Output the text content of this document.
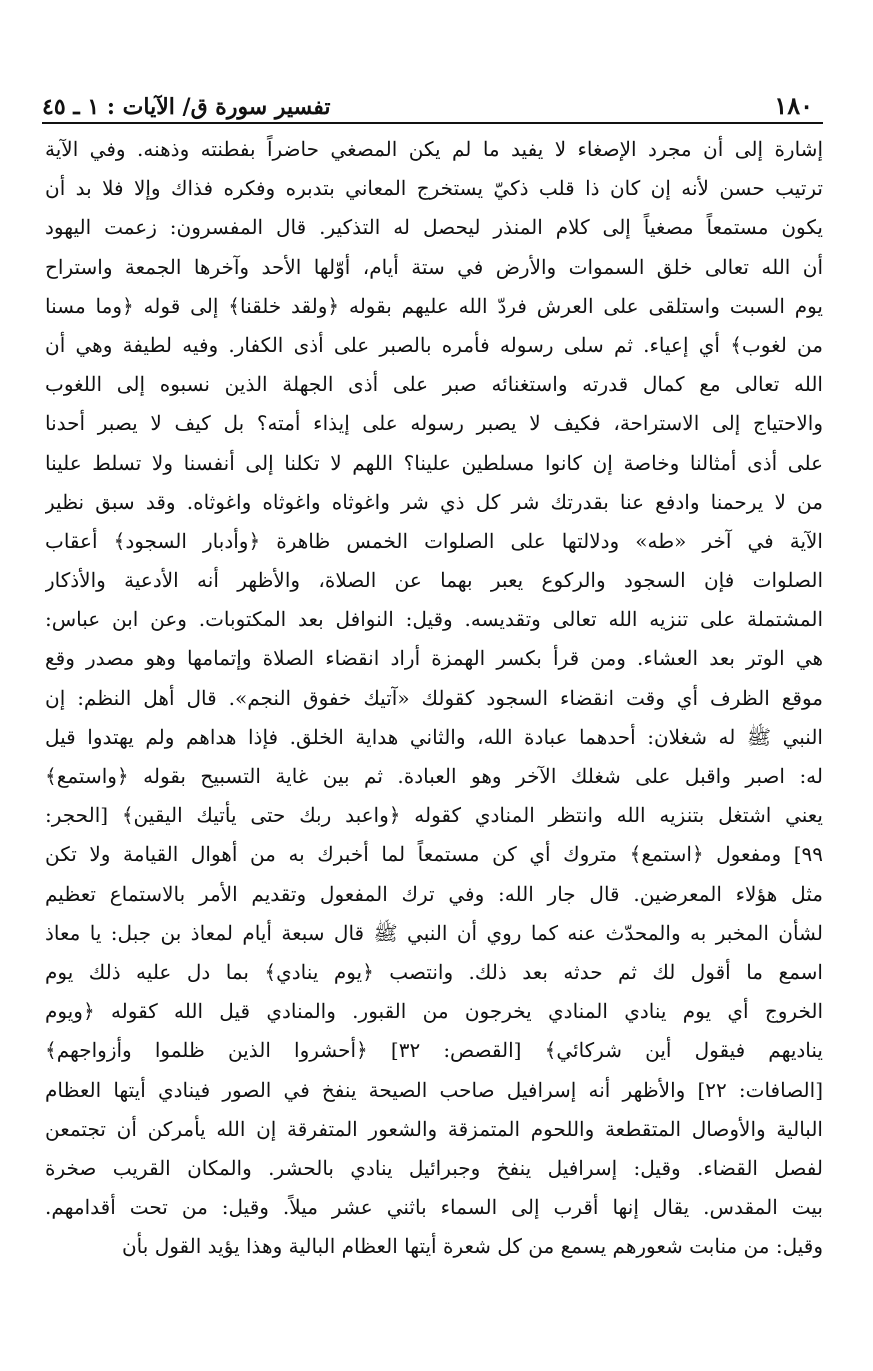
١٨٠
تفسير سورة ق/ الآيات : ١ ـ ٤٥
إشارة إلى أن مجرد الإصغاء لا يفيد ما لم يكن المصغي حاضراً بفطنته وذهنه. وفي الآية
ترتيب حسن لأنه إن كان ذا قلب ذكيّ يستخرج المعاني بتدبره وفكره فذاك وإلا فلا بد أن
يكون مستمعاً مصغياً إلى كلام المنذر ليحصل له التذكير. قال المفسرون: زعمت اليهود
أن الله تعالى خلق السموات والأرض في ستة أيام، أوّلها الأحد وآخرها الجمعة واستراح
يوم السبت واستلقى على العرش فردّ الله عليهم بقوله ﴿ولقد خلقنا﴾ إلى قوله ﴿وما مسنا
من لغوب﴾ أي إعياء. ثم سلى رسوله فأمره بالصبر على أذى الكفار. وفيه لطيفة وهي أن
الله تعالى مع كمال قدرته واستغنائه صبر على أذى الجهلة الذين نسبوه إلى اللغوب
والاحتياج إلى الاستراحة، فكيف لا يصبر رسوله على إيذاء أمته؟ بل كيف لا يصبر أحدنا
على أذى أمثالنا وخاصة إن كانوا مسلطين علينا؟ اللهم لا تكلنا إلى أنفسنا ولا تسلط علينا
من لا يرحمنا وادفع عنا بقدرتك شر كل ذي شر واغوثاه واغوثاه واغوثاه. وقد سبق نظير
الآية في آخر «طه» ودلالتها على الصلوات الخمس ظاهرة ﴿وأدبار السجود﴾ أعقاب
الصلوات فإن السجود والركوع يعبر بهما عن الصلاة، والأظهر أنه الأدعية والأذكار
المشتملة على تنزيه الله تعالى وتقديسه. وقيل: النوافل بعد المكتوبات. وعن ابن عباس:
هي الوتر بعد العشاء. ومن قرأ بكسر الهمزة أراد انقضاء الصلاة وإتمامها وهو مصدر وقع
موقع الظرف أي وقت انقضاء السجود كقولك «آتيك خفوق النجم». قال أهل النظم: إن
النبي ﷺ له شغلان: أحدهما عبادة الله، والثاني هداية الخلق. فإذا هداهم ولم يهتدوا قيل
له: اصبر واقبل على شغلك الآخر وهو العبادة. ثم بين غاية التسبيح بقوله ﴿واستمع﴾
يعني اشتغل بتنزيه الله وانتظر المنادي كقوله ﴿واعبد ربك حتى يأتيك اليقين﴾ [الحجر:
٩٩] ومفعول ﴿استمع﴾ متروك أي كن مستمعاً لما أخبرك به من أهوال القيامة ولا تكن
مثل هؤلاء المعرضين. قال جار الله: وفي ترك المفعول وتقديم الأمر بالاستماع تعظيم
لشأن المخبر به والمحدّث عنه كما روي أن النبي ﷺ قال سبعة أيام لمعاذ بن جبل: يا معاذ
اسمع ما أقول لك ثم حدثه بعد ذلك. وانتصب ﴿يوم ينادي﴾ بما دل عليه ذلك يوم
الخروج أي يوم ينادي المنادي يخرجون من القبور. والمنادي قيل الله كقوله ﴿ويوم
يناديهم فيقول أين شركائي﴾ [القصص: ٣٢] ﴿أحشروا الذين ظلموا وأزواجهم﴾
[الصافات: ٢٢] والأظهر أنه إسرافيل صاحب الصيحة ينفخ في الصور فينادي أيتها العظام
البالية والأوصال المتقطعة واللحوم المتمزقة والشعور المتفرقة إن الله يأمركن أن تجتمعن
لفصل القضاء. وقيل: إسرافيل ينفخ وجبرائيل ينادي بالحشر. والمكان القريب صخرة
بيت المقدس. يقال إنها أقرب إلى السماء باثني عشر ميلاً. وقيل: من تحت أقدامهم.
وقيل: من منابت شعورهم يسمع من كل شعرة أيتها العظام البالية وهذا يؤيد القول بأن
